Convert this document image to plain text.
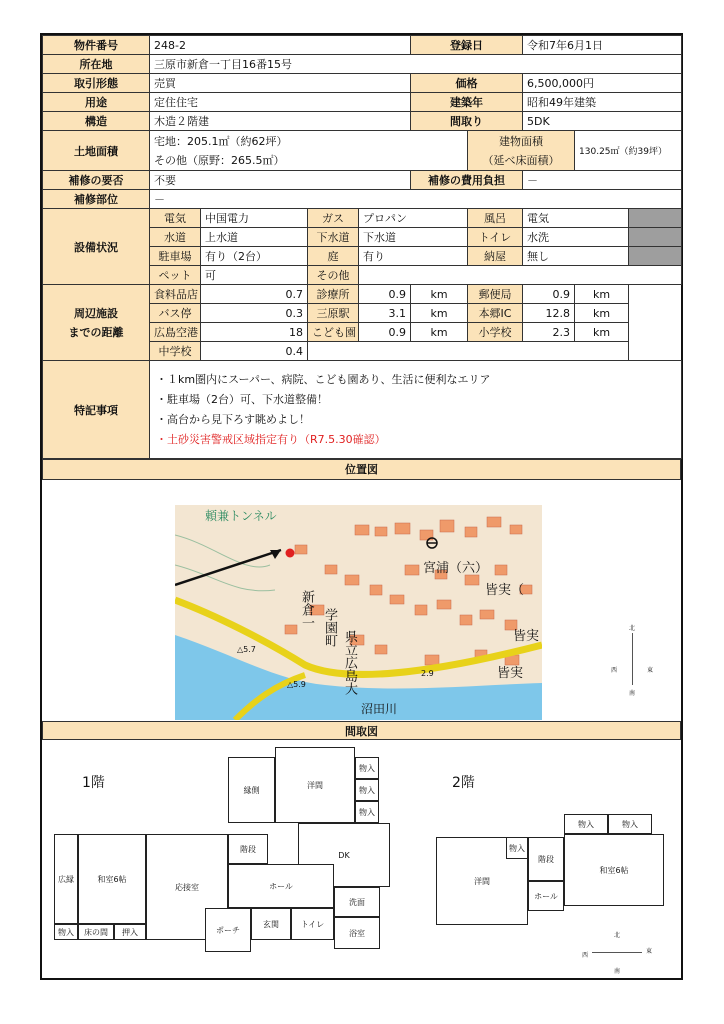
物件番号	248-2				登録日		令和7年6月1日		
所在地	三原市新倉一丁目16番15号								
取引形態	売買				価格		6,500,000円		
用途	定住住宅				建築年		昭和49年建築		
構造	木造２階建				間取り		5DK		
土地面積	宅地：205.1㎡（約62坪）					建物面積		130.25㎡（約39坪）	
	その他（原野：265.5㎡）					（延べ床面積）			
補修の要否	不要				補修の費用負担		－		
補修部位	－								
設備状況	電気	中国電力	ガス	プロパン		風呂	電気		
	水道	上水道	下水道	下水道		トイレ	水洗		
	駐車場	有り（2台）	庭	有り		納屋	無し		
	ペット	可	その他						

周辺施設
までの距離	食料品店	0.7	診療所	0.9	km	郵便局	0.9	km	
	バス停	0.3	三原駅	3.1	km	本郷IC	12.8	km	
	広島空港	18	こども園	0.9	km	小学校	2.3	km	
	中学校	0.4							
特記事項	・１km圏内にスーパー、病院、こども園あり、生活に便利なエリア
・駐車場（2台）可、下水道整備！
・高台から見下ろす眺めよし！
・土砂災害警戒区域指定有り（R7.5.30確認）								
位置図
頼兼トンネル
新倉一 学園町
県立広島大
宮浦（六）
皆実（
皆実
皆実
沼田川
△5.7
△5.9
2.9
北
西	東
南
間取図
1階	2階
縁側
洋間
物入
物入
物入
階段
DK
広縁	和室6帖
応接室	ホール
洗面
物入	床の間	押入	ポーチ
玄関	トイレ
浴室
洋間
物入
階段
ホール
物入	物入
和室6帖
北
西
東
南
